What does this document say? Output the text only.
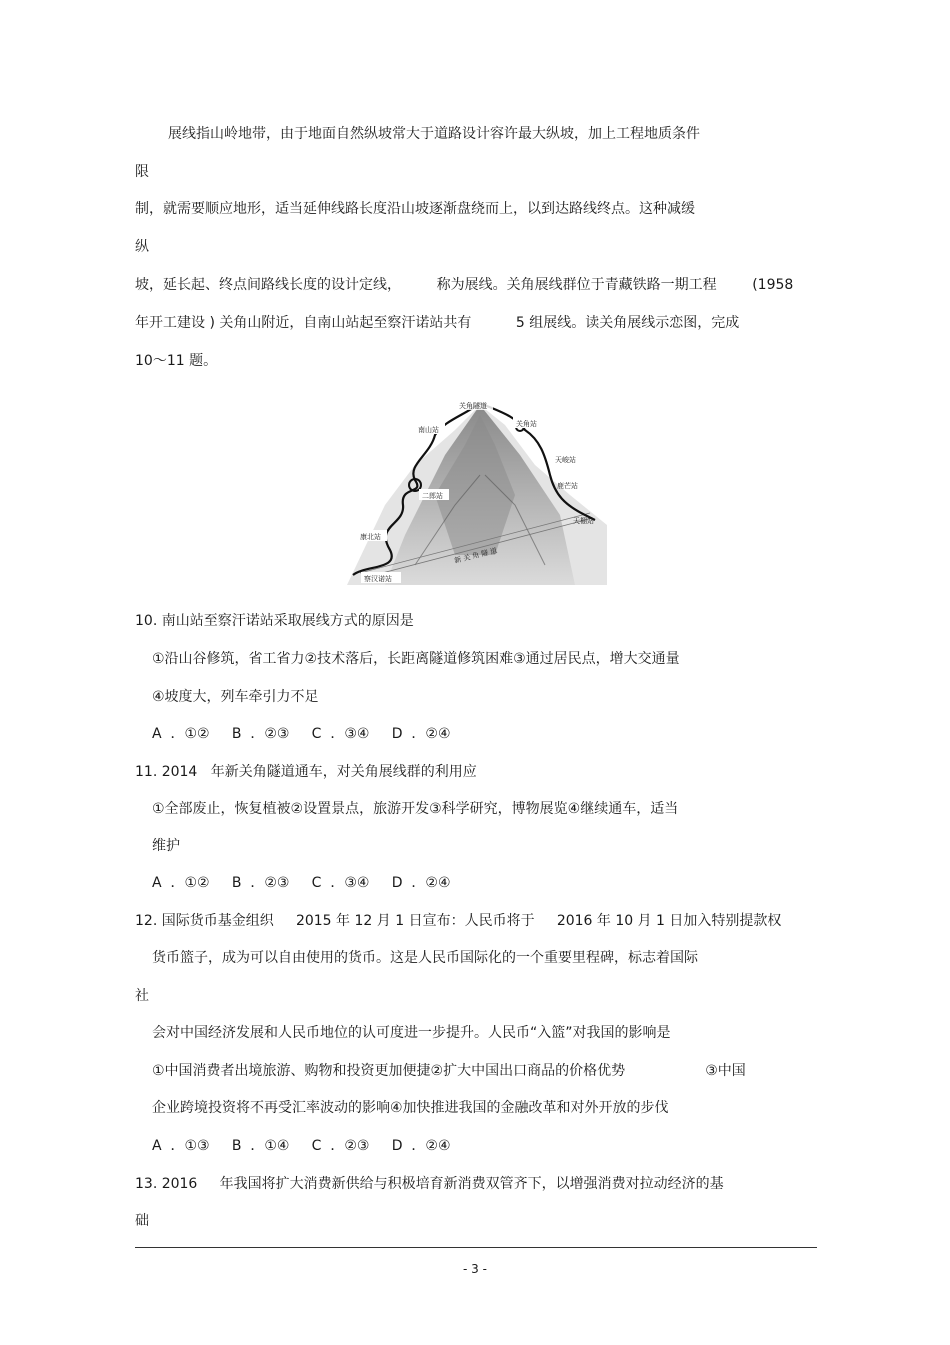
展线指山岭地带，由于地面自然纵坡常大于道路设计容许最大纵坡，加上工程地质条件
限
制，就需要顺应地形，适当延伸线路长度沿山坡逐渐盘绕而上，以到达路线终点。这种减缓
纵
坡，延长起、终点间路线长度的设计定线，        称为展线。关角展线群位于青藏铁路一期工程        (1958
年开工建设 ) 关角山附近，自南山站起至察汗诺站共有          5 组展线。读关角展线示恋图，完成
10～11 题。
关角隧道
南山站
关角站
天峻站
二郎站
鹿芒站
天棚站
康北站
新 关 角 隧 道
察汉诺站
10. 南山站至察汗诺站采取展线方式的原因是
①沿山谷修筑，省工省力②技术落后，长距离隧道修筑困难③通过居民点，增大交通量
④坡度大，列车牵引力不足
A  ．①②     B  ．②③     C  ．③④     D  ．②④
11. 2014   年新关角隧道通车，对关角展线群的利用应
①全部废止，恢复植被②设置景点，旅游开发③科学研究，博物展览④继续通车，适当
维护
A  ．①②     B  ．②③     C  ．③④     D  ．②④
12. 国际货币基金组织     2015 年 12 月 1 日宣布：人民币将于     2016 年 10 月 1 日加入特别提款权
货币篮子，成为可以自由使用的货币。这是人民币国际化的一个重要里程碑，标志着国际
社
会对中国经济发展和人民币地位的认可度进一步提升。人民币“入篮”对我国的影响是
①中国消费者出境旅游、购物和投资更加便捷②扩大中国出口商品的价格优势                  ③中国
企业跨境投资将不再受汇率波动的影响④加快推进我国的金融改革和对外开放的步伐
A  ．①③     B  ．①④     C  ．②③     D  ．②④
13. 2016     年我国将扩大消费新供给与积极培育新消费双管齐下，以增强消费对拉动经济的基
础
- 3 -
